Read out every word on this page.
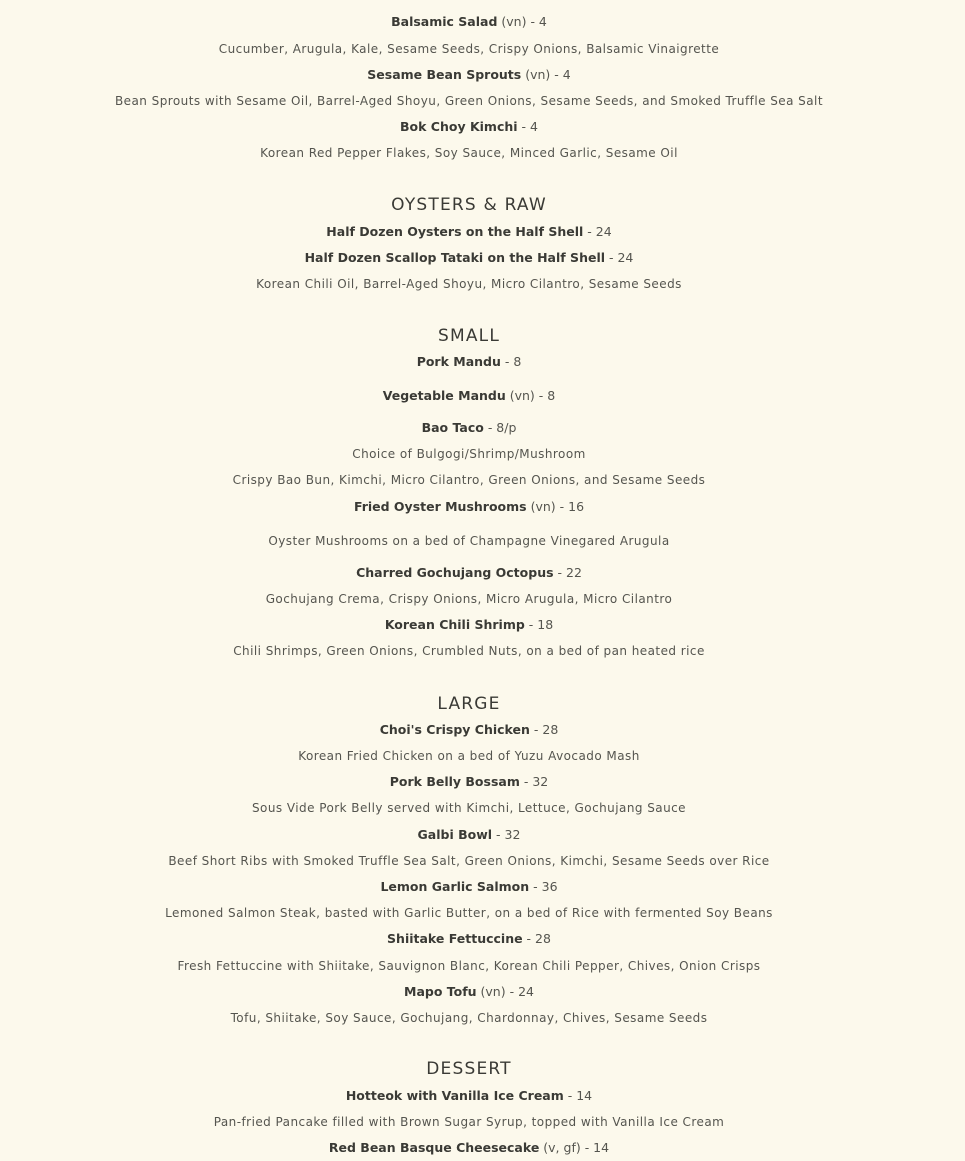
Balsamic Salad (vn) - 4
Cucumber, Arugula, Kale, Sesame Seeds, Crispy Onions, Balsamic Vinaigrette
Sesame Bean Sprouts (vn) - 4
Bean Sprouts with Sesame Oil, Barrel-Aged Shoyu, Green Onions, Sesame Seeds, and Smoked Truffle Sea Salt
Bok Choy Kimchi - 4
Korean Red Pepper Flakes, Soy Sauce, Minced Garlic, Sesame Oil
OYSTERS & RAW
Half Dozen Oysters on the Half Shell - 24
Half Dozen Scallop Tataki on the Half Shell - 24
Korean Chili Oil, Barrel-Aged Shoyu, Micro Cilantro, Sesame Seeds
SMALL
Pork Mandu - 8
Vegetable Mandu (vn) - 8
Bao Taco - 8/p
Choice of Bulgogi/Shrimp/Mushroom
Crispy Bao Bun, Kimchi, Micro Cilantro, Green Onions, and Sesame Seeds
Fried Oyster Mushrooms (vn) - 16
Oyster Mushrooms on a bed of Champagne Vinegared Arugula
Charred Gochujang Octopus - 22
Gochujang Crema, Crispy Onions, Micro Arugula, Micro Cilantro
Korean Chili Shrimp - 18
Chili Shrimps, Green Onions, Crumbled Nuts, on a bed of pan heated rice
LARGE
Choi's Crispy Chicken - 28
Korean Fried Chicken on a bed of Yuzu Avocado Mash
Pork Belly Bossam - 32
Sous Vide Pork Belly served with Kimchi, Lettuce, Gochujang Sauce
Galbi Bowl - 32
Beef Short Ribs with Smoked Truffle Sea Salt, Green Onions, Kimchi, Sesame Seeds over Rice
Lemon Garlic Salmon - 36
Lemoned Salmon Steak, basted with Garlic Butter, on a bed of Rice with fermented Soy Beans
Shiitake Fettuccine - 28
Fresh Fettuccine with Shiitake, Sauvignon Blanc, Korean Chili Pepper, Chives, Onion Crisps
Mapo Tofu (vn) - 24
Tofu, Shiitake, Soy Sauce, Gochujang, Chardonnay, Chives, Sesame Seeds
DESSERT
Hotteok with Vanilla Ice Cream - 14
Pan-fried Pancake filled with Brown Sugar Syrup, topped with Vanilla Ice Cream
Red Bean Basque Cheesecake (v, gf) - 14
